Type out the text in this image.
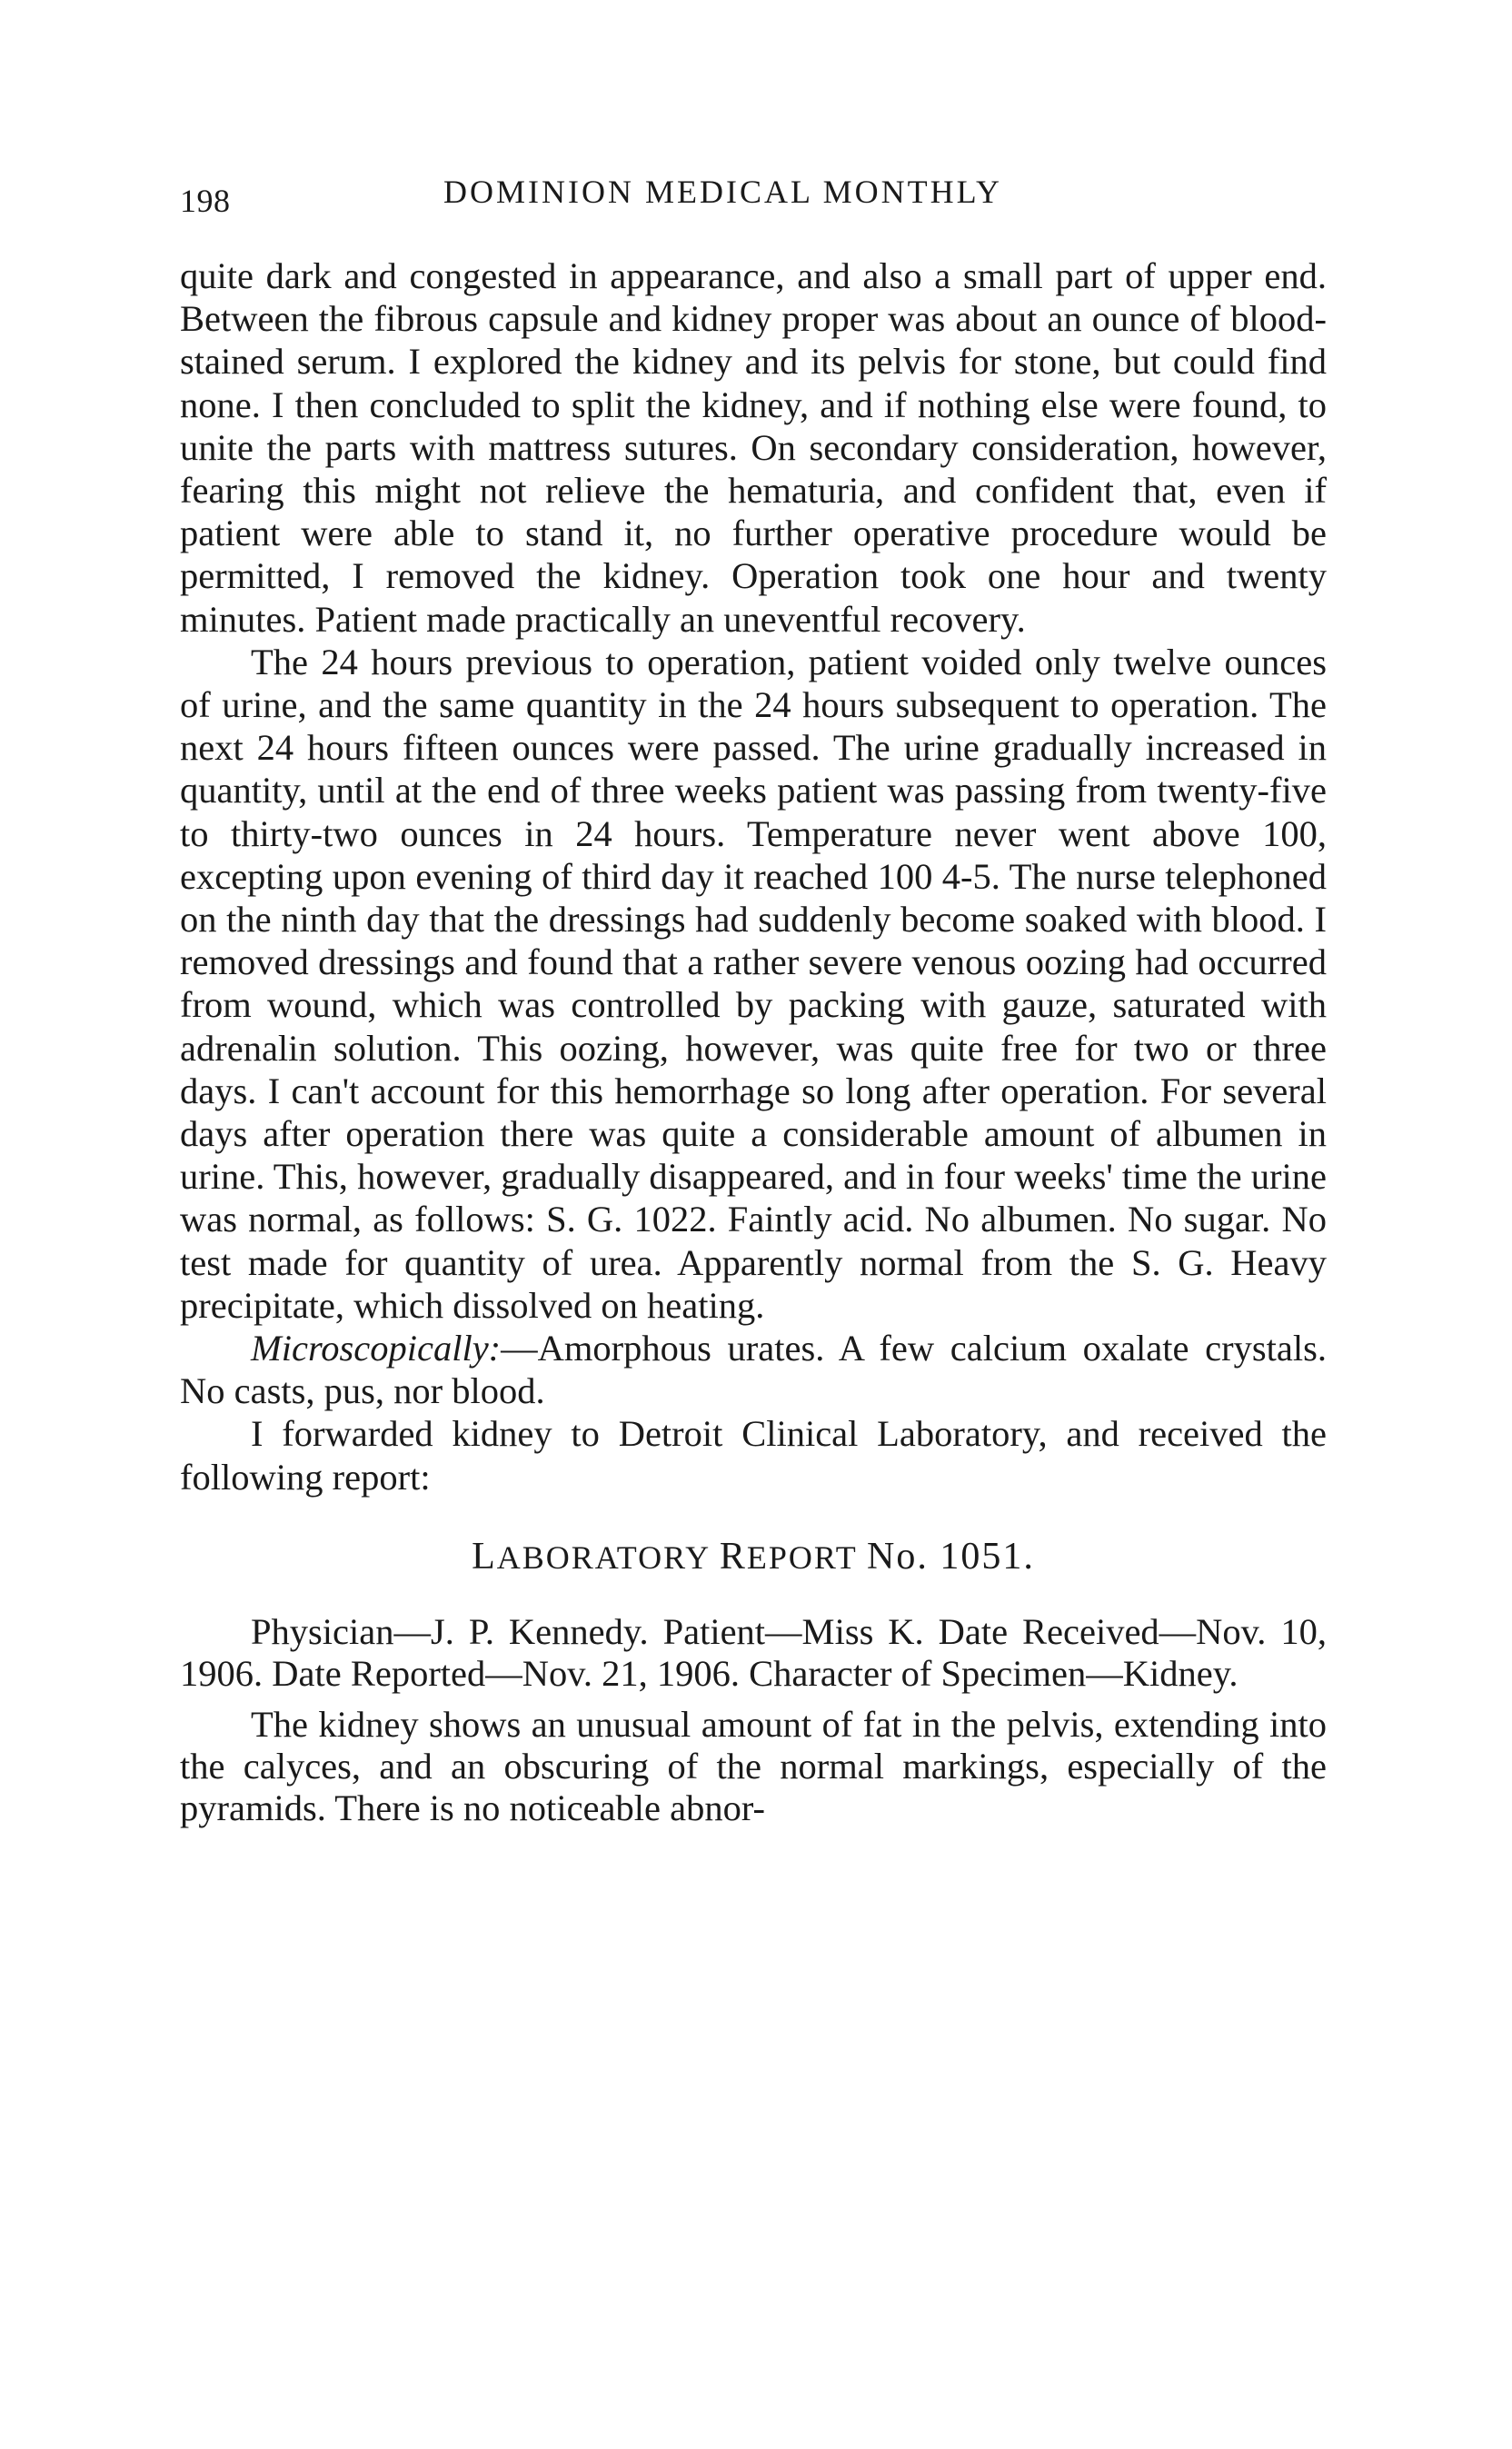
198	DOMINION MEDICAL MONTHLY

quite dark and congested in appearance, and also a small part of upper end. Between the fibrous capsule and kidney proper was about an ounce of blood-stained serum. I explored the kidney and its pelvis for stone, but could find none. I then concluded to split the kidney, and if nothing else were found, to unite the parts with mattress sutures. On secondary consideration, however, fearing this might not relieve the hematuria, and confident that, even if patient were able to stand it, no further operative procedure would be permitted, I removed the kidney. Operation took one hour and twenty minutes. Patient made practically an uneventful recovery.

The 24 hours previous to operation, patient voided only twelve ounces of urine, and the same quantity in the 24 hours subsequent to operation. The next 24 hours fifteen ounces were passed. The urine gradually increased in quantity, until at the end of three weeks patient was passing from twenty-five to thirty-two ounces in 24 hours. Temperature never went above 100, excepting upon evening of third day it reached 100 4-5. The nurse telephoned on the ninth day that the dressings had suddenly become soaked with blood. I removed dressings and found that a rather severe venous oozing had occurred from wound, which was controlled by packing with gauze, saturated with adrenalin solution. This oozing, however, was quite free for two or three days. I can't account for this hemorrhage so long after operation. For several days after operation there was quite a considerable amount of albumen in urine. This, however, gradually disappeared, and in four weeks' time the urine was normal, as follows: S. G. 1022. Faintly acid. No albumen. No sugar. No test made for quantity of urea. Apparently normal from the S. G. Heavy precipitate, which dissolved on heating.

Microscopically:—Amorphous urates. A few calcium oxalate crystals. No casts, pus, nor blood.

I forwarded kidney to Detroit Clinical Laboratory, and received the following report:

LABORATORY REPORT No. 1051.

Physician—J. P. Kennedy. Patient—Miss K. Date Received—Nov. 10, 1906. Date Reported—Nov. 21, 1906. Character of Specimen—Kidney.

The kidney shows an unusual amount of fat in the pelvis, extending into the calyces, and an obscuring of the normal markings, especially of the pyramids. There is no noticeable abnor-
